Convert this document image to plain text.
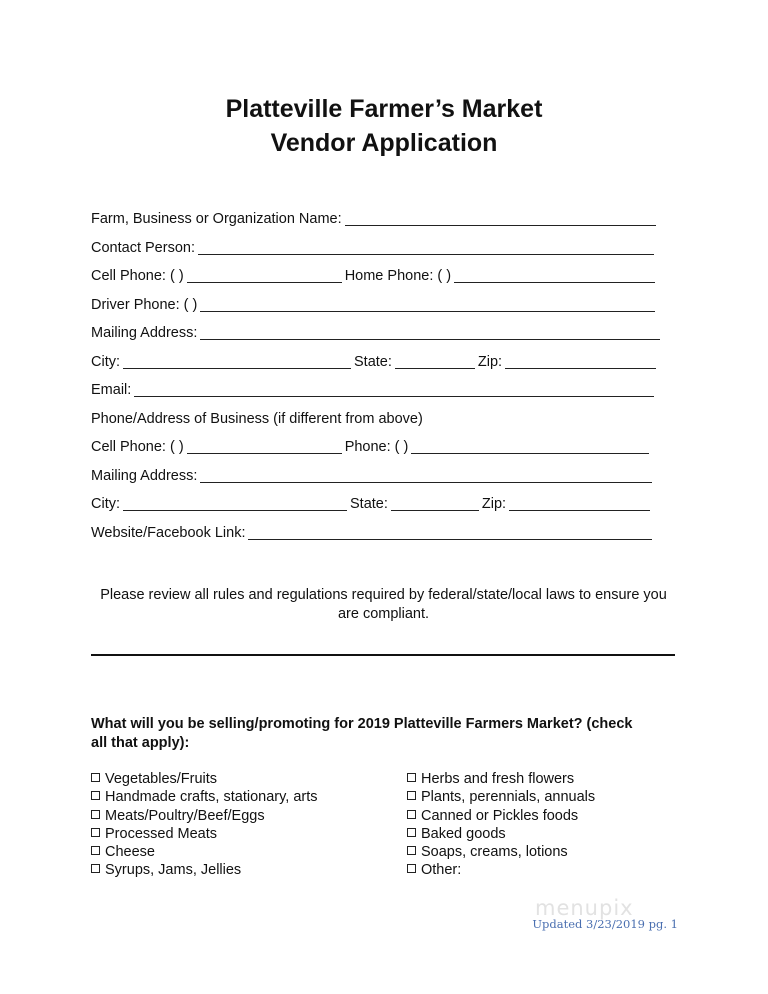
Platteville Farmer’s Market
Vendor Application
Farm, Business or Organization Name:
Contact Person:
Cell Phone: ( )	Home Phone: ( )
Driver Phone: ( )
Mailing Address:
City:	State:	Zip:
Email:
Phone/Address of Business (if different from above)
Cell Phone: ( )	Phone: ( )
Mailing Address:
City:	State:	Zip:
Website/Facebook Link:
Please review all rules and regulations required by federal/state/local laws to ensure you are compliant.
What will you be selling/promoting for 2019 Platteville Farmers Market? (check all that apply):
Vegetables/Fruits
Handmade crafts, stationary, arts
Meats/Poultry/Beef/Eggs
Processed Meats
Cheese
Syrups, Jams, Jellies
Herbs and fresh flowers
Plants, perennials, annuals
Canned or Pickles foods
Baked goods
Soaps, creams, lotions
Other:
menupix
Updated 3/23/2019 pg. 1
